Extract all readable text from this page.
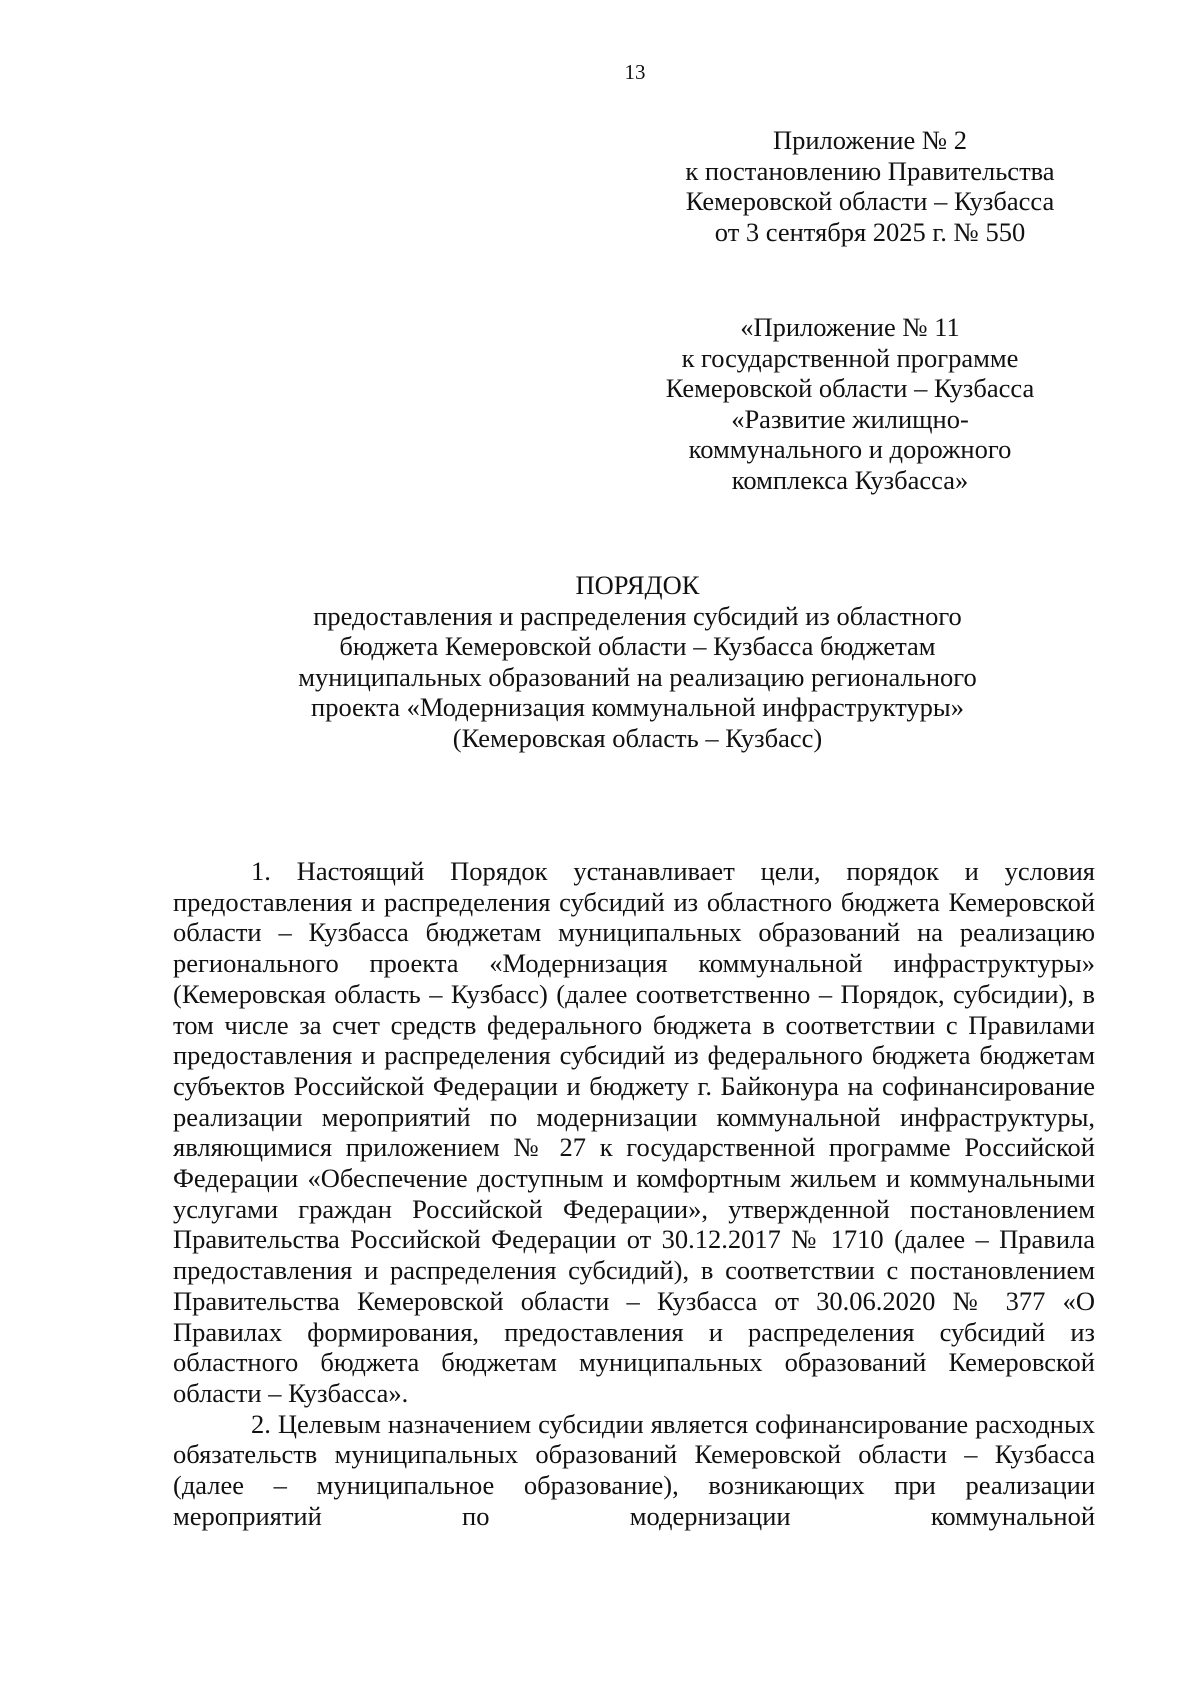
13
Приложение № 2
к постановлению Правительства
Кемеровской области – Кузбасса
от 3 сентября 2025 г. № 550
«Приложение № 11
к государственной программе
Кемеровской области – Кузбасса
«Развитие жилищно-
коммунального и дорожного
комплекса Кузбасса»
ПОРЯДОК
предоставления и распределения субсидий из областного
бюджета Кемеровской области – Кузбасса бюджетам
муниципальных образований на реализацию регионального
проекта «Модернизация коммунальной инфраструктуры»
(Кемеровская область – Кузбасс)

1. Настоящий Порядок устанавливает цели, порядок и условия предоставления и распределения субсидий из областного бюджета Кемеровской области – Кузбасса бюджетам муниципальных образований на реализацию регионального проекта «Модернизация коммунальной инфраструктуры» (Кемеровская область – Кузбасс) (далее соответственно – Порядок, субсидии), в том числе за счет средств федерального бюджета в соответствии с Правилами предоставления и распределения субсидий из федерального бюджета бюджетам субъектов Российской Федерации и бюджету г. Байконура на софинансирование реализации мероприятий по модернизации коммунальной инфраструктуры, являющимися приложением № 27 к государственной программе Российской Федерации «Обеспечение доступным и комфортным жильем и коммунальными услугами граждан Российской Федерации», утвержденной постановлением Правительства Российской Федерации от 30.12.2017 № 1710 (далее – Правила предоставления и распределения субсидий), в соответствии с постановлением Правительства Кемеровской области – Кузбасса от 30.06.2020 № 377 «О Правилах формирования, предоставления и распределения субсидий из областного бюджета бюджетам муниципальных образований Кемеровской области – Кузбасса».

2. Целевым назначением субсидии является софинансирование расходных обязательств муниципальных образований Кемеровской области – Кузбасса (далее – муниципальное образование), возникающих при реализации мероприятий по модернизации коммунальной
